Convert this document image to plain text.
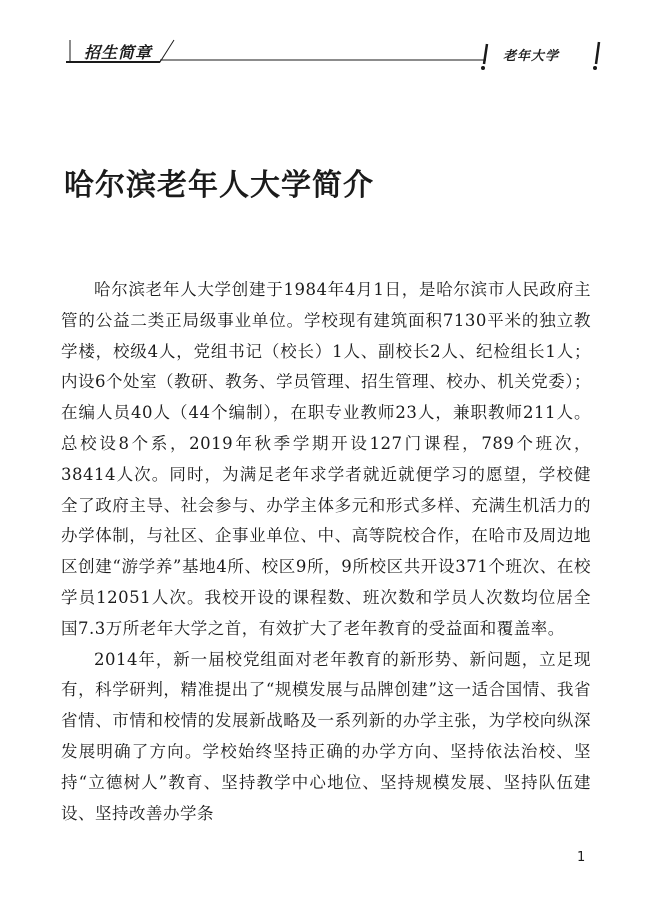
招生简章	老年大学
哈尔滨老年人大学简介

哈尔滨老年人大学创建于1984年4月1日，是哈尔滨市人民政府主管的公益二类正局级事业单位。学校现有建筑面积7130平米的独立教学楼，校级4人，党组书记（校长）1人、副校长2人、纪检组长1人；内设6个处室（教研、教务、学员管理、招生管理、校办、机关党委）；在编人员40人（44个编制），在职专业教师23人，兼职教师211人。总校设8个系，2019年秋季学期开设127门课程，789个班次，38414人次。同时，为满足老年求学者就近就便学习的愿望，学校健全了政府主导、社会参与、办学主体多元和形式多样、充满生机活力的办学体制，与社区、企事业单位、中、高等院校合作，在哈市及周边地区创建“游学养”基地4所、校区9所，9所校区共开设371个班次、在校学员12051人次。我校开设的课程数、班次数和学员人次数均位居全国7.3万所老年大学之首，有效扩大了老年教育的受益面和覆盖率。

2014年，新一届校党组面对老年教育的新形势、新问题，立足现有，科学研判，精准提出了“规模发展与品牌创建”这一适合国情、我省省情、市情和校情的发展新战略及一系列新的办学主张，为学校向纵深发展明确了方向。学校始终坚持正确的办学方向、坚持依法治校、坚持“立德树人”教育、坚持教学中心地位、坚持规模发展、坚持队伍建设、坚持改善办学条

1
